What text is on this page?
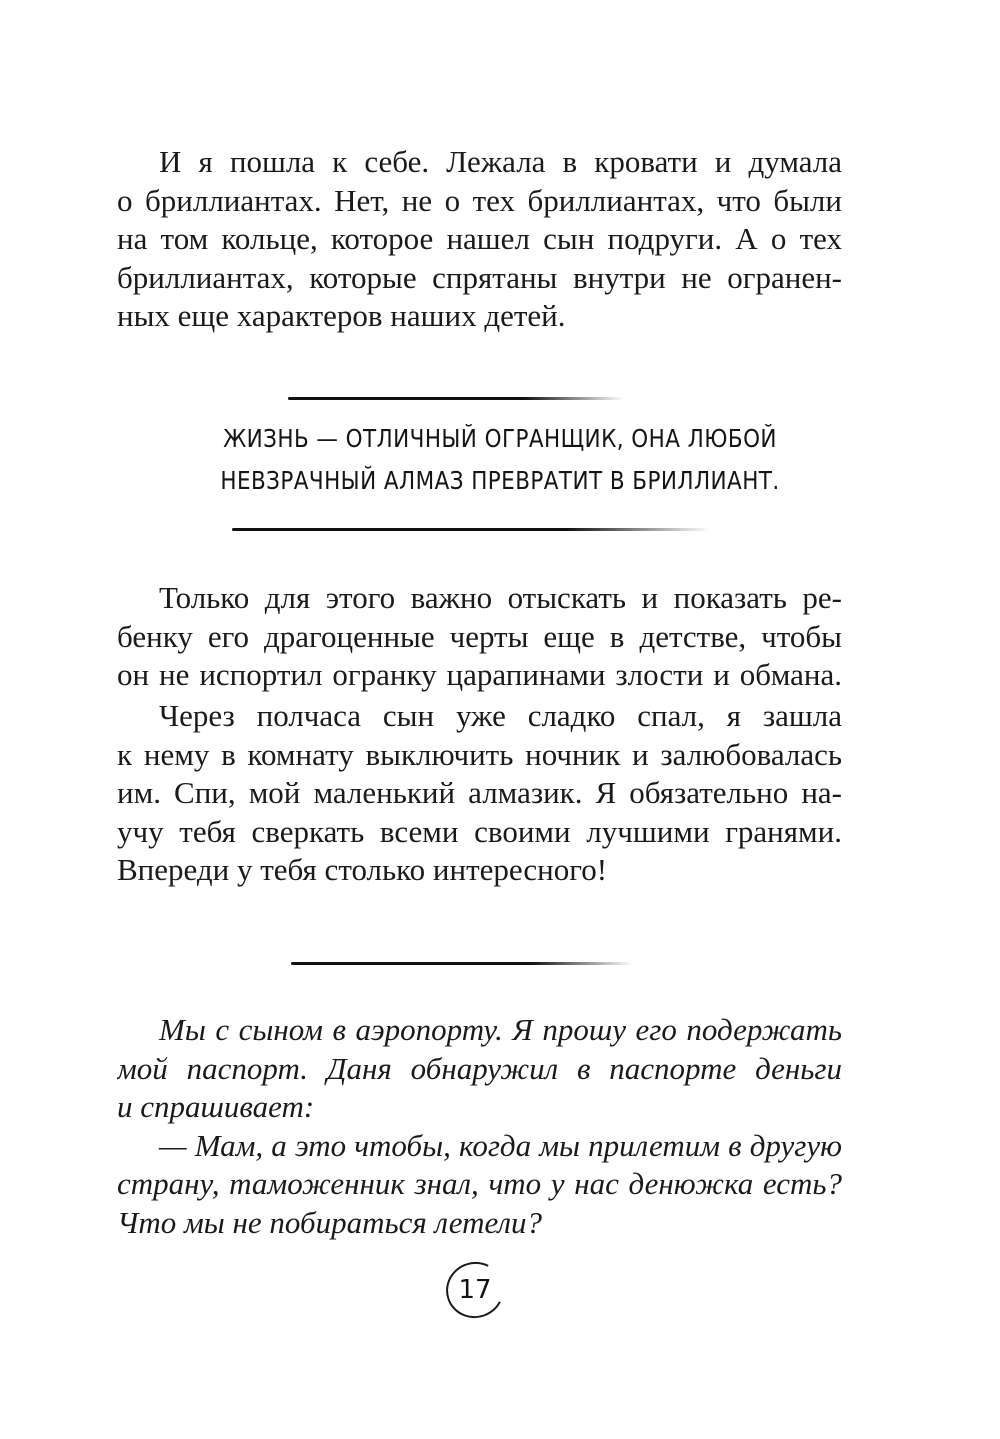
И я пошла к себе. Лежала в кровати и думала
о бриллиантах. Нет, не о тех бриллиантах, что были
на том кольце, которое нашел сын подруги. А о тех
бриллиантах, которые спрятаны внутри не огранен-
ных еще характеров наших детей.
ЖИЗНЬ — ОТЛИЧНЫЙ ОГРАНЩИК, ОНА ЛЮБОЙ
НЕВЗРАЧНЫЙ АЛМАЗ ПРЕВРАТИТ В БРИЛЛИАНТ.
Только для этого важно отыскать и показать ре-
бенку его драгоценные черты еще в детстве, чтобы
он не испортил огранку царапинами злости и обмана.
Через полчаса сын уже сладко спал, я зашла
к нему в комнату выключить ночник и залюбовалась
им. Спи, мой маленький алмазик. Я обязательно на-
учу тебя сверкать всеми своими лучшими гранями.
Впереди у тебя столько интересного!
Мы с сыном в аэропорту. Я прошу его подержать
мой паспорт. Даня обнаружил в паспорте деньги
и спрашивает:
— Мам, а это чтобы, когда мы прилетим в другую
страну, таможенник знал, что у нас денюжка есть?
Что мы не побираться летели?
17
